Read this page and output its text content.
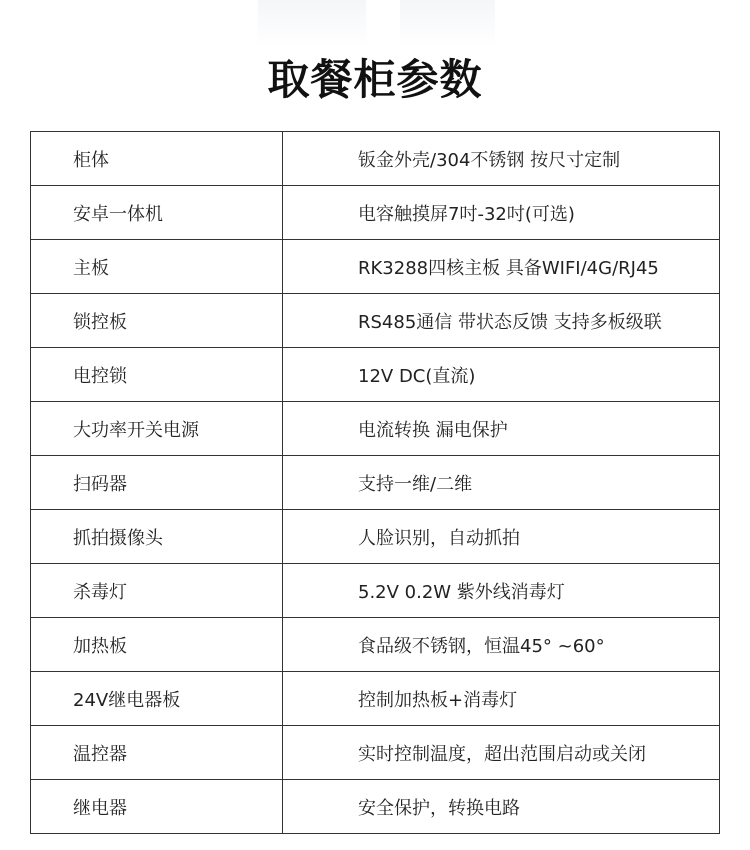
取餐柜参数
柜体	钣金外壳/304不锈钢 按尺寸定制
安卓一体机	电容触摸屏7吋-32吋(可选)
主板	RK3288四核主板 具备WIFI/4G/RJ45
锁控板	RS485通信 带状态反馈 支持多板级联
电控锁	12V DC(直流)
大功率开关电源	电流转换 漏电保护
扫码器	支持一维/二维
抓拍摄像头	人脸识别，自动抓拍
杀毒灯	5.2V 0.2W 紫外线消毒灯
加热板	食品级不锈钢，恒温45° ~60°
24V继电器板	控制加热板+消毒灯
温控器	实时控制温度，超出范围启动或关闭
继电器	安全保护，转换电路
